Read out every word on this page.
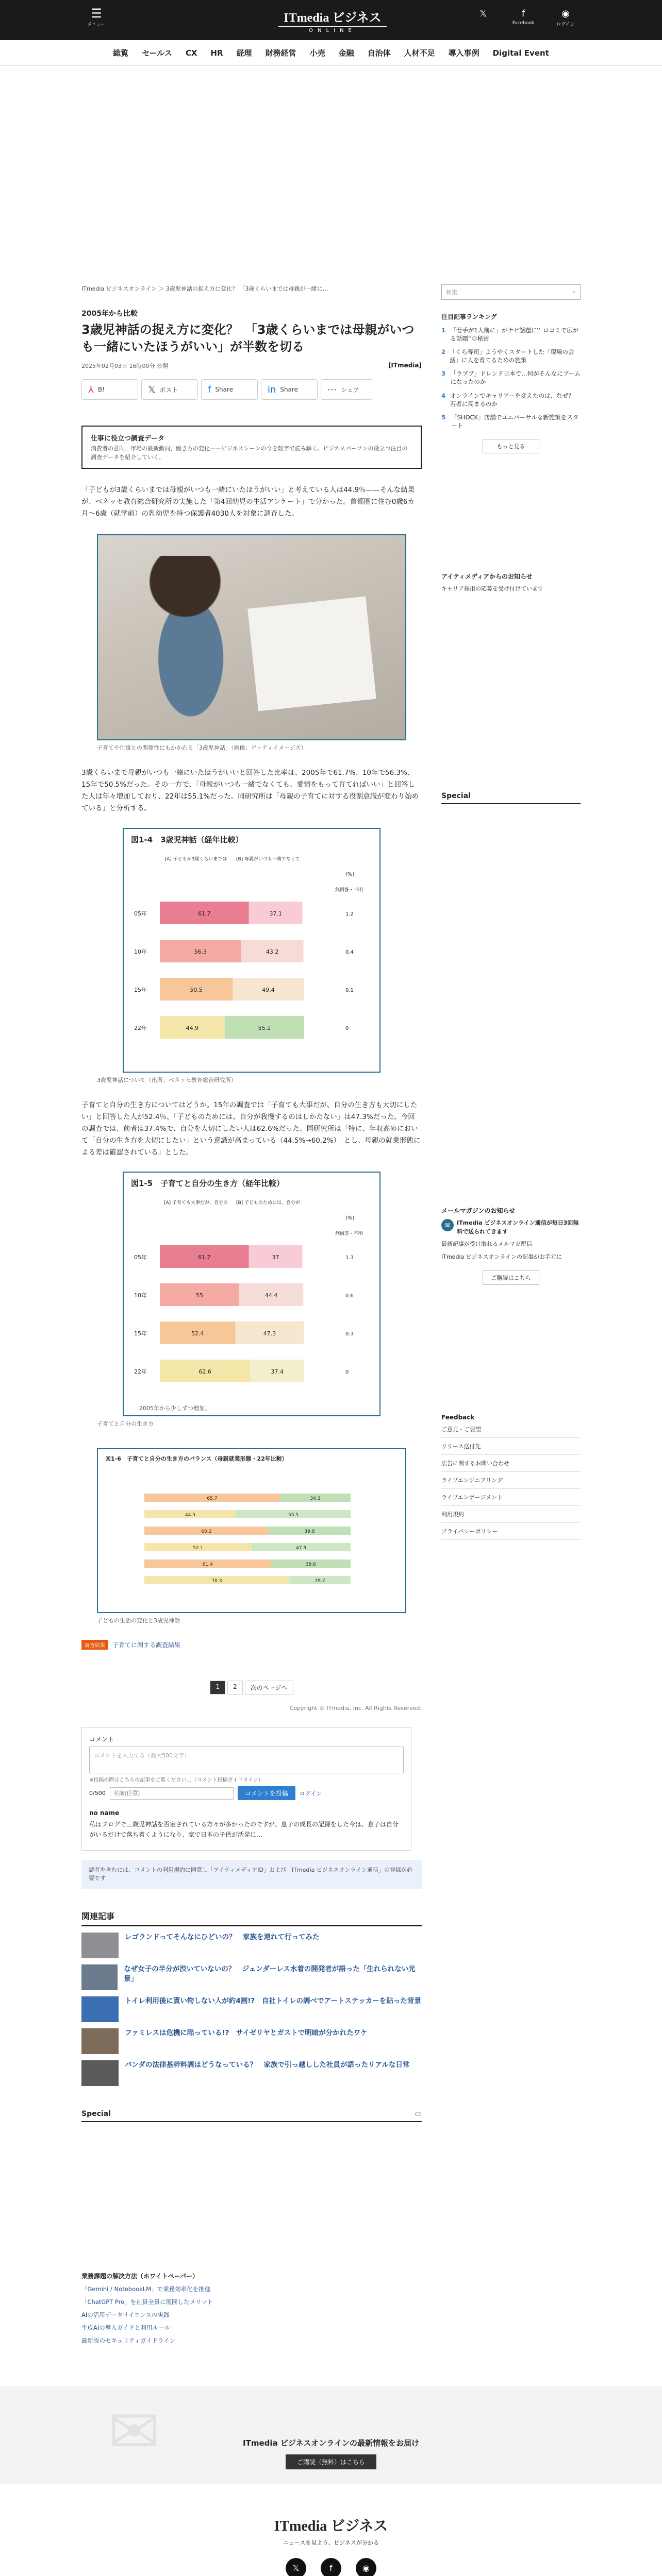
☰
メニュー	ITmedia ビジネス
ONLINE
𝕏	f
Facebook
◉
ログイン
総覧 セールス CX HR 経理 財務経営 小売 金融 自治体 人材不足 導入事例 Digital Event
ITmedia ビジネスオンライン ＞ 3歳児神話の捉え方に変化？ 「3歳くらいまでは母親が一緒に…
2005年から比較
3歳児神話の捉え方に変化？　「3歳くらいまでは母親がいつも一緒にいたほうがいい」が半数を切る
2025年02月03日 16時00分 公開	[ITmedia]
⅄ B!	𝕏 ポスト	f Share	in Share	⋯ シェア
仕事に役立つ調査データ
消費者の意向、市場の最新動向、働き方の変化——ビジネスシーンの今を数字で読み解く。ビジネスパーソンの役立つ注目の調査データを紹介していく。

「子どもが3歳くらいまでは母親がいつも一緒にいたほうがいい」と考えている人は44.9％——そんな結果が、ベネッセ教育総合研究所の実施した「第4回幼児の生活アンケート」で分かった。首都圏に住む0歳6カ月〜6歳（就学前）の乳幼児を持つ保護者4030人を対象に調査した。

子育てや仕事との関係性にもかかわる「3歳児神話」（画像：ゲッティイメージズ）

3歳くらいまで母親がいつも一緒にいたほうがいいと回答した比率は、2005年で61.7%、10年で56.3%、15年で50.5%だった。その一方で、「母親がいつも一緒でなくても、愛情をもって育てればいい」と回答した人は年々増加しており、22年は55.1%だった。同研究所は「母親の子育てに対する役割意識が変わり始めている」と分析する。

図1-4　3歳児神話（経年比較）
[A] 子どもが3歳くらいまでは [B] 母親がいつも一緒でなくて
(%)
無回答・不明
05年	61.7	37.1	1.2
10年	56.3	43.2	0.4
15年	50.5	49.4	0.1
22年	44.9	55.1	0
3歳児神話について（出所：ベネッセ教育総合研究所）

子育てと自分の生き方についてはどうか。15年の調査では「子育ても大事だが、自分の生き方も大切にしたい」と回答した人が52.4％、「子どものためには、自分が我慢するのはしかたない」は47.3%だった。今回の調査では、前者は37.4%で、自分を大切にしたい人は62.6%だった。同研究所は「特に、年収高めにおいて「自分の生き方を大切にしたい」という意識が高まっている（44.5%→60.2%）」とし、母親の就業形態による差は確認されている」とした。

図1-5　子育てと自分の生き方（経年比較）
[A] 子育ても大事だが、自分の [B] 子どものためには、自分が
(%)
無回答・不明
05年	61.7	37	1.3
10年	55	44.4	0.6
15年	52.4	47.3	0.3
22年	62.6	37.4	0
2005年から少しずつ増加。
子育てと自分の生き方
図1-6　子育てと自分の生き方のバランス（母親就業形態・22年比較）
65.7	34.3
44.5	55.5
60.2	39.8
52.1	47.9
61.4	38.6
70.3	29.7
子どもの生活の変化と3歳児神話
調査結果	子育てに関する調査結果
1	2	次のページへ
Copyright © ITmedia, Inc. All Rights Reserved.
コメント
コメントを入力する（最大500文字）
※投稿の際はこちらの記事をご覧ください…（コメント投稿ガイドライン）
0/500
名前(任意)	コメントを投稿	ログイン
no name
私はブログで三歳児神話を否定されている方々が多かったのですが、息子の成長の記録をした今は、息子は自分がいるだけで落ち着くようになり、家で日本の子供が活発に…
読者を含むには、コメントの利用規約に同意し「アイティメディアID」および「ITmedia ビジネスオンライン通信」の登録が必要です
関連記事
レゴランドってそんなにひどいの？　家族を連れて行ってみた
なぜ女子の半分が渋いていないの？　ジェンダーレス水着の開発者が語った「生れられない光景」
トイレ利用後に貰い物しない人が約4割!?　自社トイレの調べでアートステッカーを貼った背景
ファミレスは危機に陥っている!?　サイゼリヤとガストで明暗が分かれたワケ
バンダの法律基幹料調はどうなっている？　家族で引っ越しした社員が語ったリアルな日常
Special	▭
検索	⌕
注目記事ランキング
1 「若手が1人前に」がナゼ話題に？ロコミで広がる話題“の秘密
2 「くら寿司」ようやくスタートした「現場の会話」に人を育てるための施策
3 「ラブブ」ドレンド日本で…何がそんなにブームになったのか
4 オンラインでキャリアーを変えたのは、なぜ？　若者に高まるのか
5 「SHOCK」店舗でユニバーサルな新施策をスタート
もっと見る
アイティメディアからのお知らせ
キャリア採用の応募を受け付けています
Special
メールマガジンのお知らせ
✉	ITmedia ビジネスオンライン通信が毎日3回無料で送られてきます
最新記事が受け取れるメルマガ配信
ITmedia ビジネスオンラインの記事がお手元に
ご購読はこちら
Feedback
ご意見・ご要望
リリース送付先
広告に関するお問い合わせ
ライブエンジニアリング
ライブエンゲージメント
利用規約
プライバシーポリシー
業務課題の解決方法（ホワイトペーパー）
「Gemini / NotebookLM」で業務効率化を推進
「ChatGPT Pro」を社員全員に展開したメリット
AIの活用データサイエンスの実践
生成AIの導入ガイドと利用ルール
最新版のセキュリティガイドライン
✉	ITmedia ビジネスオンラインの最新情報をお届け
ご購読（無料）はこちら
ITmedia ビジネス
ニュースを見よう、ビジネスが分かる
𝕏	f	◉
